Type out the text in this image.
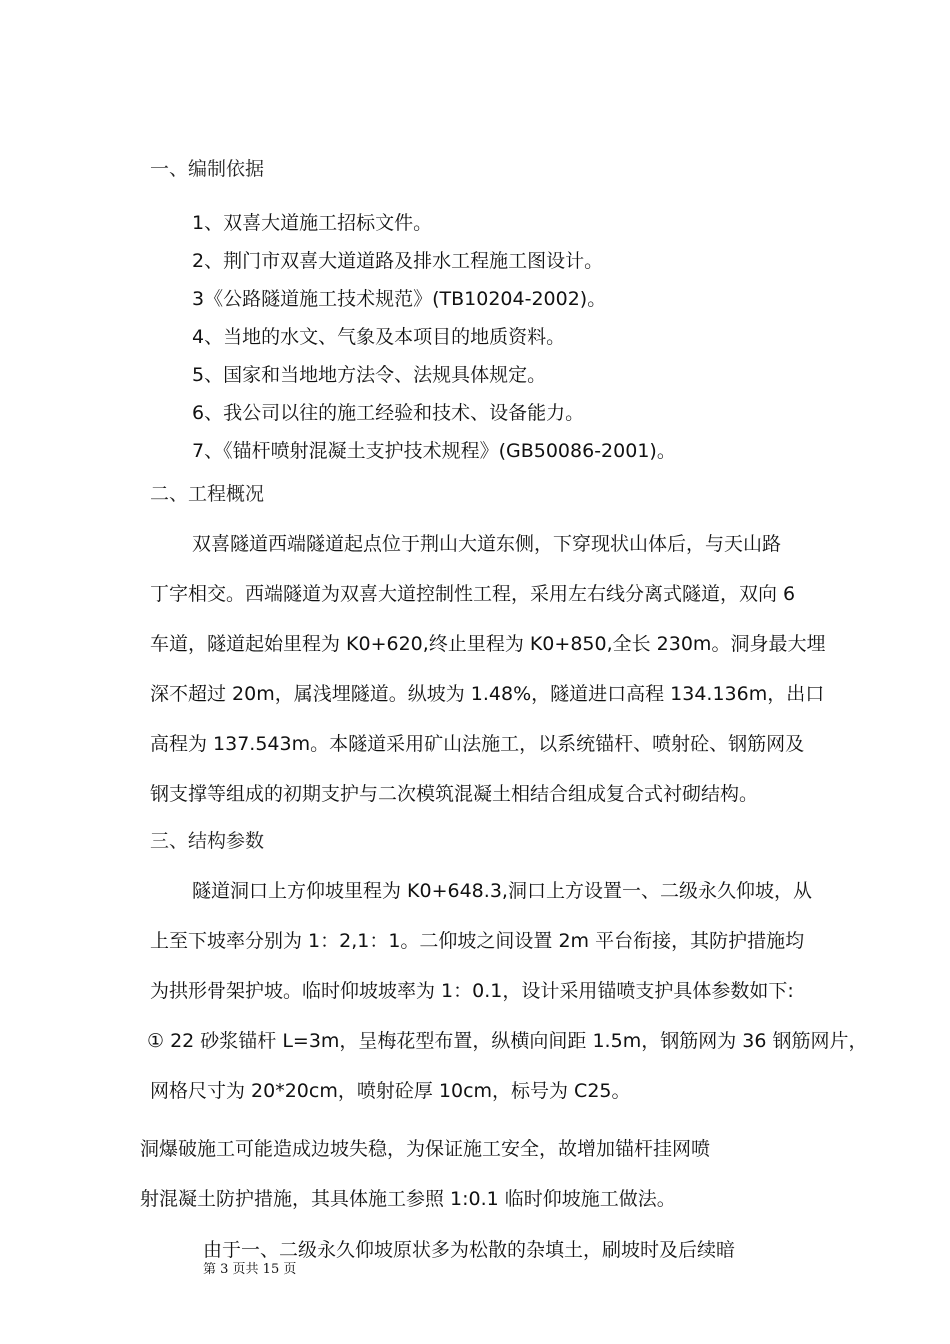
一、编制依据
1、双喜大道施工招标文件。
2、荆门市双喜大道道路及排水工程施工图设计。
3《公路隧道施工技术规范》(TB10204-2002)。
4、当地的水文、气象及本项目的地质资料。
5、国家和当地地方法令、法规具体规定。
6、我公司以往的施工经验和技术、设备能力。
7、《锚杆喷射混凝土支护技术规程》(GB50086-2001)。
二、工程概况
双喜隧道西端隧道起点位于荆山大道东侧，下穿现状山体后，与天山路
丁字相交。西端隧道为双喜大道控制性工程，采用左右线分离式隧道，双向 6
车道，隧道起始里程为 K0+620,终止里程为 K0+850,全长 230m。洞身最大埋
深不超过 20m，属浅埋隧道。纵坡为 1.48%，隧道进口高程 134.136m，出口
高程为 137.543m。本隧道采用矿山法施工，以系统锚杆、喷射砼、钢筋网及
钢支撑等组成的初期支护与二次模筑混凝土相结合组成复合式衬砌结构。
三、结构参数
隧道洞口上方仰坡里程为 K0+648.3,洞口上方设置一、二级永久仰坡，从
上至下坡率分别为 1：2,1：1。二仰坡之间设置 2m 平台衔接，其防护措施均
为拱形骨架护坡。临时仰坡坡率为 1：0.1，设计采用锚喷支护具体参数如下:
① 22 砂浆锚杆 L=3m，呈梅花型布置，纵横向间距 1.5m，钢筋网为 36 钢筋网片，
网格尺寸为 20*20cm，喷射砼厚 10cm，标号为 C25。
洞爆破施工可能造成边坡失稳，为保证施工安全，故增加锚杆挂网喷
射混凝土防护措施，其具体施工参照 1:0.1 临时仰坡施工做法。
由于一、二级永久仰坡原状多为松散的杂填土，刷坡时及后续暗
第 3 页共 15 页
